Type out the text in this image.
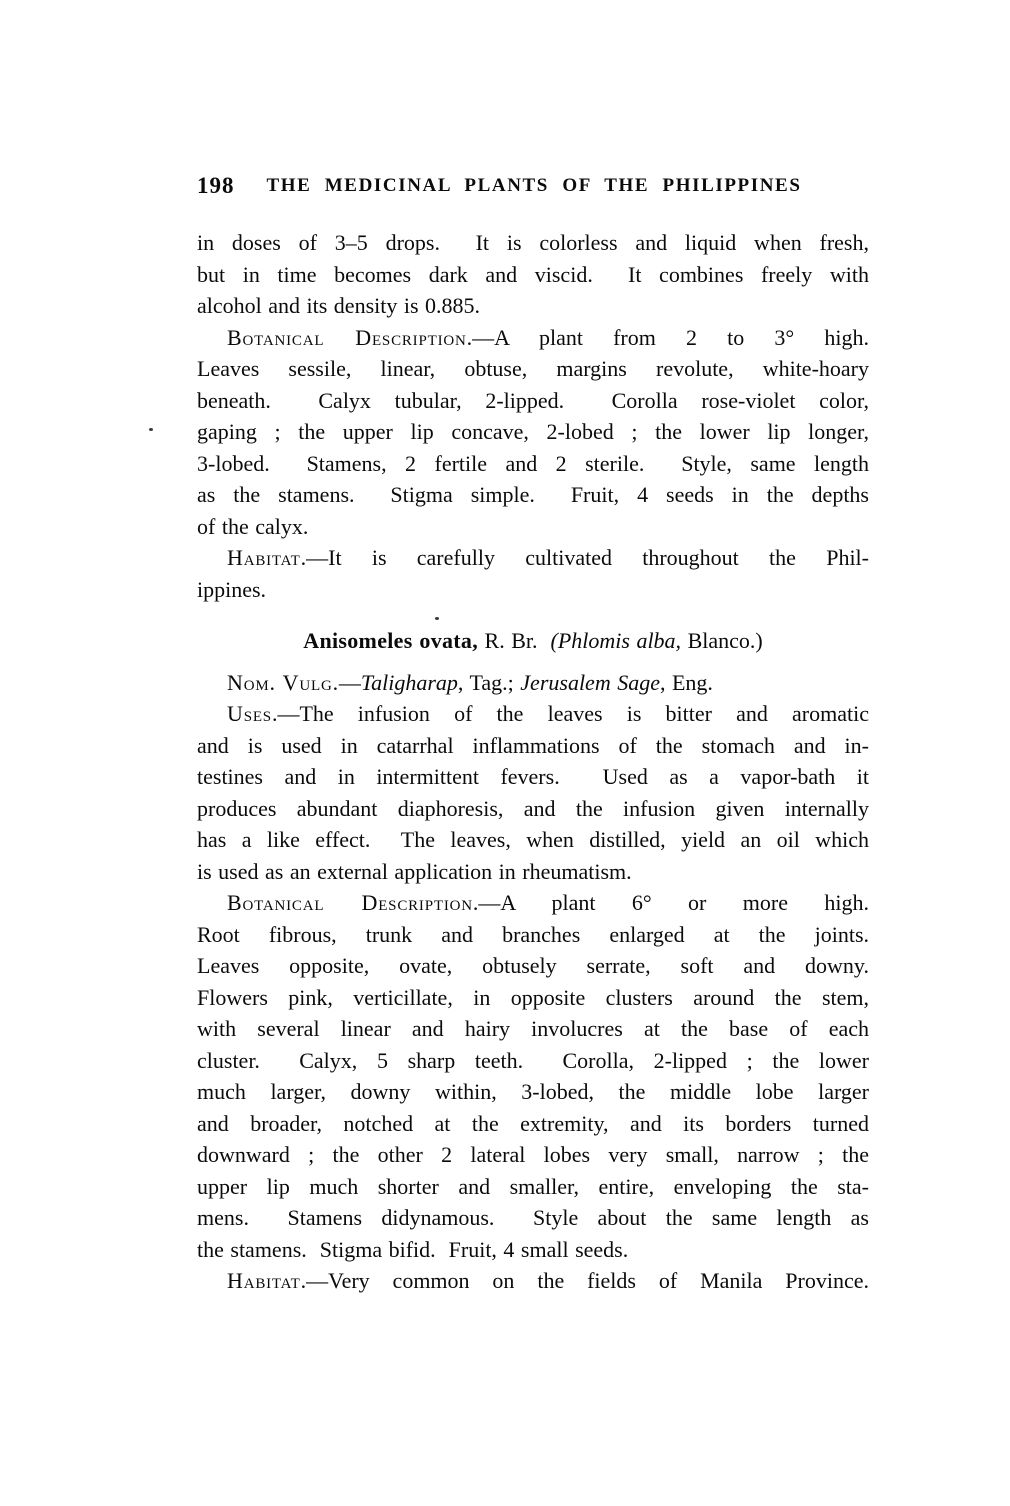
198 THE MEDICINAL PLANTS OF THE PHILIPPINES
in doses of 3–5 drops.  It is colorless and liquid when fresh,
but in time becomes dark and viscid.  It combines freely with
alcohol and its density is 0.885.
Botanical Description.—A plant from 2 to 3° high.
Leaves sessile, linear, obtuse, margins revolute, white-hoary
beneath.  Calyx tubular, 2-lipped.  Corolla rose-violet color,
gaping ; the upper lip concave, 2-lobed ; the lower lip longer,
3-lobed.  Stamens, 2 fertile and 2 sterile.  Style, same length
as the stamens.  Stigma simple.  Fruit, 4 seeds in the depths
of the calyx.
Habitat.—It is carefully cultivated throughout the Phil-
ippines.
Anisomeles ovata, R. Br.  (Phlomis alba, Blanco.)
Nom. Vulg.—Taligharap, Tag.; Jerusalem Sage, Eng.
Uses.—The infusion of the leaves is bitter and aromatic
and is used in catarrhal inflammations of the stomach and in-
testines and in intermittent fevers.  Used as a vapor-bath it
produces abundant diaphoresis, and the infusion given internally
has a like effect.  The leaves, when distilled, yield an oil which
is used as an external application in rheumatism.
Botanical Description.—A plant 6° or more high.
Root fibrous, trunk and branches enlarged at the joints.
Leaves opposite, ovate, obtusely serrate, soft and downy.
Flowers pink, verticillate, in opposite clusters around the stem,
with several linear and hairy involucres at the base of each
cluster.  Calyx, 5 sharp teeth.  Corolla, 2-lipped ; the lower
much larger, downy within, 3-lobed, the middle lobe larger
and broader, notched at the extremity, and its borders turned
downward ; the other 2 lateral lobes very small, narrow ; the
upper lip much shorter and smaller, entire, enveloping the sta-
mens.  Stamens didynamous.  Style about the same length as
the stamens.  Stigma bifid.  Fruit, 4 small seeds.
Habitat.—Very common on the fields of Manila Province.
